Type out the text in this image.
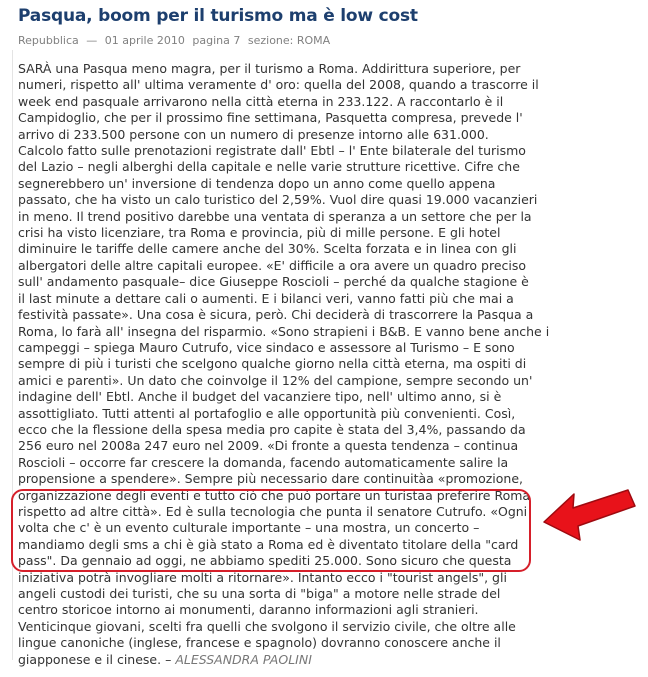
Pasqua, boom per il turismo ma è low cost
Repubblica — 01 aprile 2010 pagina 7 sezione: ROMA
SARÀ una Pasqua meno magra, per il turismo a Roma. Addirittura superiore, per
numeri, rispetto all' ultima veramente d' oro: quella del 2008, quando a trascorre il
week end pasquale arrivarono nella città eterna in 233.122. A raccontarlo è il
Campidoglio, che per il prossimo fine settimana, Pasquetta compresa, prevede l'
arrivo di 233.500 persone con un numero di presenze intorno alle 631.000.
Calcolo fatto sulle prenotazioni registrate dall' Ebtl – l' Ente bilaterale del turismo
del Lazio – negli alberghi della capitale e nelle varie strutture ricettive. Cifre che
segnerebbero un' inversione di tendenza dopo un anno come quello appena
passato, che ha visto un calo turistico del 2,59%. Vuol dire quasi 19.000 vacanzieri
in meno. Il trend positivo darebbe una ventata di speranza a un settore che per la
crisi ha visto licenziare, tra Roma e provincia, più di mille persone. E gli hotel
diminuire le tariffe delle camere anche del 30%. Scelta forzata e in linea con gli
albergatori delle altre capitali europee. «E' difficile a ora avere un quadro preciso
sull' andamento pasquale– dice Giuseppe Roscioli – perché da qualche stagione è
il last minute a dettare cali o aumenti. E i bilanci veri, vanno fatti più che mai a
festività passate». Una cosa è sicura, però. Chi deciderà di trascorrere la Pasqua a
Roma, lo farà all' insegna del risparmio. «Sono strapieni i B&B. E vanno bene anche i
campeggi – spiega Mauro Cutrufo, vice sindaco e assessore al Turismo – E sono
sempre di più i turisti che scelgono qualche giorno nella città eterna, ma ospiti di
amici e parenti». Un dato che coinvolge il 12% del campione, sempre secondo un'
indagine dell' Ebtl. Anche il budget del vacanziere tipo, nell' ultimo anno, si è
assottigliato. Tutti attenti al portafoglio e alle opportunità più convenienti. Così,
ecco che la flessione della spesa media pro capite è stata del 3,4%, passando da
256 euro nel 2008a 247 euro nel 2009. «Di fronte a questa tendenza – continua
Roscioli – occorre far crescere la domanda, facendo automaticamente salire la
propensione a spendere». Sempre più necessario dare continuitàa «promozione,
organizzazione degli eventi e tutto ciò che può portare un turistaa preferire Roma
rispetto ad altre città». Ed è sulla tecnologia che punta il senatore Cutrufo. «Ogni
volta che c' è un evento culturale importante – una mostra, un concerto –
mandiamo degli sms a chi è già stato a Roma ed è diventato titolare della "card
pass". Da gennaio ad oggi, ne abbiamo spediti 25.000. Sono sicuro che questa
iniziativa potrà invogliare molti a ritornare». Intanto ecco i "tourist angels", gli
angeli custodi dei turisti, che su una sorta di "biga" a motore nelle strade del
centro storicoe intorno ai monumenti, daranno informazioni agli stranieri.
Venticinque giovani, scelti fra quelli che svolgono il servizio civile, che oltre alle
lingue canoniche (inglese, francese e spagnolo) dovranno conoscere anche il
giapponese e il cinese. – ALESSANDRA PAOLINI
